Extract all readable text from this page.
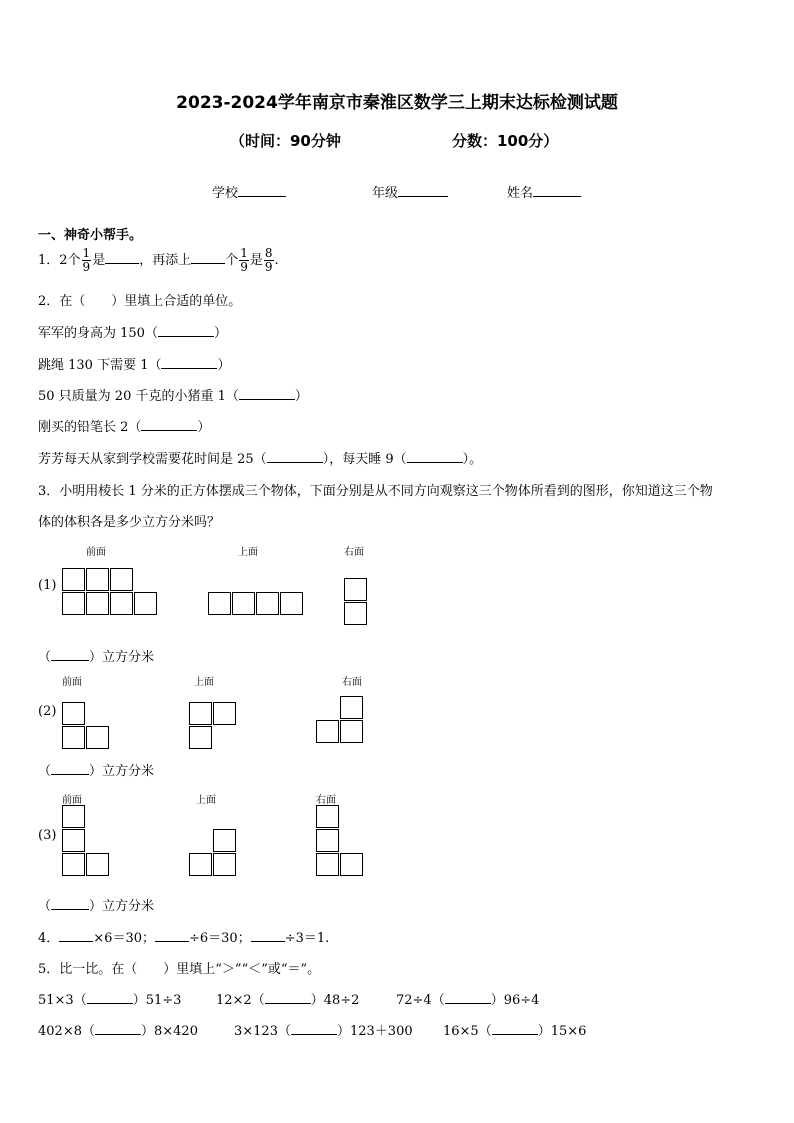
2023-2024学年南京市秦淮区数学三上期末达标检测试题
（时间：90分钟	分数：100分）
学校	年级	姓名
一、神奇小帮手。
1．2个 $\frac{1}{9}$ 是	，再添上	个 $\frac{1}{9}$ 是 $\frac{8}{9}$ .
2．在（　　）里填上合适的单位。
军军的身高为 150（	）
跳绳 130 下需要 1（	）
50 只质量为 20 千克的小猪重 1（	）
刚买的铅笔长 2（	）
芳芳每天从家到学校需要花时间是 25（	），每天睡 9（	）。
3．小明用棱长 1 分米的正方体摆成三个物体，下面分别是从不同方向观察这三个物体所看到的图形，你知道这三个物
体的体积各是多少立方分米吗？
前面	上面	右面
(1)
（	）立方分米
前面	上面	右面
(2)
（	）立方分米
前面	上面	右面
(3)
（	）立方分米
4．	×6＝30；	÷6＝30；	÷3＝1.
5．比一比。在（　　）里填上“＞”“＜”或“＝”。
51×3（	）51÷3	12×2（	）48÷2	72÷4（	）96÷4
402×8（	）8×420	3×123（	）123＋300 16×5（	）15×6
